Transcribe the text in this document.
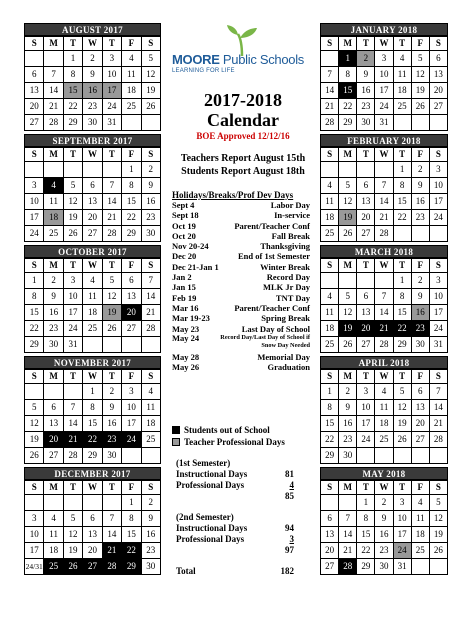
AUGUST 2017
S	M	T	W	T	F	S
		1	2	3	4	5
6	7	8	9	10	11	12
13	14	15	16	17	18	19
20	21	22	23	24	25	26
27	28	29	30	31		
SEPTEMBER 2017
S	M	T	W	T	F	S
					1	2
3	4	5	6	7	8	9
10	11	12	13	14	15	16
17	18	19	20	21	22	23
24	25	26	27	28	29	30
OCTOBER 2017
S	M	T	W	T	F	S
1	2	3	4	5	6	7
8	9	10	11	12	13	14
15	16	17	18	19	20	21
22	23	24	25	26	27	28
29	30	31				
NOVEMBER 2017
S	M	T	W	T	F	S
			1	2	3	4
5	6	7	8	9	10	11
12	13	14	15	16	17	18
19	20	21	22	23	24	25
26	27	28	29	30		
DECEMBER 2017
S	M	T	W	T	F	S
					1	2
3	4	5	6	7	8	9
10	11	12	13	14	15	16
17	18	19	20	21	22	23
24/31	25	26	27	28	29	30
JANUARY 2018
S	M	T	W	T	F	S
	1	2	3	4	5	6
7	8	9	10	11	12	13
14	15	16	17	18	19	20
21	22	23	24	25	26	27
28	29	30	31			
FEBRUARY 2018
S	M	T	W	T	F	S
				1	2	3
4	5	6	7	8	9	10
11	12	13	14	15	16	17
18	19	20	21	22	23	24
25	26	27	28			
MARCH 2018
S	M	T	W	T	F	S
				1	2	3
4	5	6	7	8	9	10
11	12	13	14	15	16	17
18	19	20	21	22	23	24
25	26	27	28	29	30	31
APRIL 2018
S	M	T	W	T	F	S
1	2	3	4	5	6	7
8	9	10	11	12	13	14
15	16	17	18	19	20	21
22	23	24	25	26	27	28
29	30					
MAY 2018
S	M	T	W	T	F	S
		1	2	3	4	5
6	7	8	9	10	11	12
13	14	15	16	17	18	19
20	21	22	23	24	25	26
27	28	29	30	31		
MOORE Public Schools
LEARNING FOR LIFE
2017-2018
Calendar
BOE Approved 12/12/16
Teachers Report August 15th
Students Report August 18th
Holidays/Breaks/Prof Dev Days
Sept 4	Labor Day
Sept 18	In-service
Oct 19	Parent/Teacher Conf
Oct 20	Fall Break
Nov 20-24	Thanksgiving
Dec 20	End of 1st Semester
Dec 21-Jan 1	Winter Break
Jan 2	Record Day
Jan 15	MLK Jr Day
Feb 19	TNT Day
Mar 16	Parent/Teacher Conf
Mar 19-23	Spring Break
May 23	Last Day of School
May 24	Record Day/Last Day of School if Snow Day Needed
May 28	Memorial Day
May 26	Graduation
Students out of School
Teacher Professional Days
(1st Semester)
Instructional Days	81
Professional Days	4
85
(2nd Semester)
Instructional Days	94
Professional Days	3
97
Total	182
